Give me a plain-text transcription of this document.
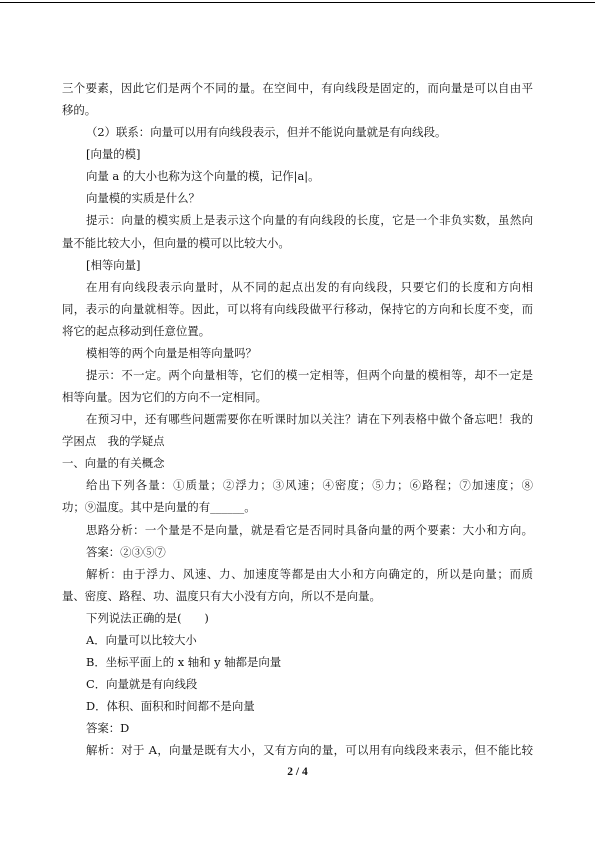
三个要素，因此它们是两个不同的量。在空间中，有向线段是固定的，而向量是可以自由平
移的。
（2）联系：向量可以用有向线段表示，但并不能说向量就是有向线段。
[向量的模]
向量 a 的大小也称为这个向量的模，记作|a|。
向量模的实质是什么？
提示：向量的模实质上是表示这个向量的有向线段的长度，它是一个非负实数，虽然向
量不能比较大小，但向量的模可以比较大小。
[相等向量]
在用有向线段表示向量时，从不同的起点出发的有向线段，只要它们的长度和方向相
同，表示的向量就相等。因此，可以将有向线段做平行移动，保持它的方向和长度不变，而
将它的起点移动到任意位置。
模相等的两个向量是相等向量吗？
提示：不一定。两个向量相等，它们的模一定相等，但两个向量的模相等，却不一定是
相等向量。因为它们的方向不一定相同。
在预习中，还有哪些问题需要你在听课时加以关注？请在下列表格中做个备忘吧！我的
学困点　我的学疑点
一、向量的有关概念
给出下列各量：①质量；②浮力；③风速；④密度；⑤力；⑥路程；⑦加速度；⑧
功；⑨温度。其中是向量的有______。
思路分析：一个量是不是向量，就是看它是否同时具备向量的两个要素：大小和方向。
答案：②③⑤⑦
解析：由于浮力、风速、力、加速度等都是由大小和方向确定的，所以是向量；而质
量、密度、路程、功、温度只有大小没有方向，所以不是向量。
下列说法正确的是(　　)
A．向量可以比较大小
B．坐标平面上的 x 轴和 y 轴都是向量
C．向量就是有向线段
D．体积、面积和时间都不是向量
答案：D
解析：对于 A，向量是既有大小，又有方向的量，可以用有向线段来表示，但不能比较
2 / 4
